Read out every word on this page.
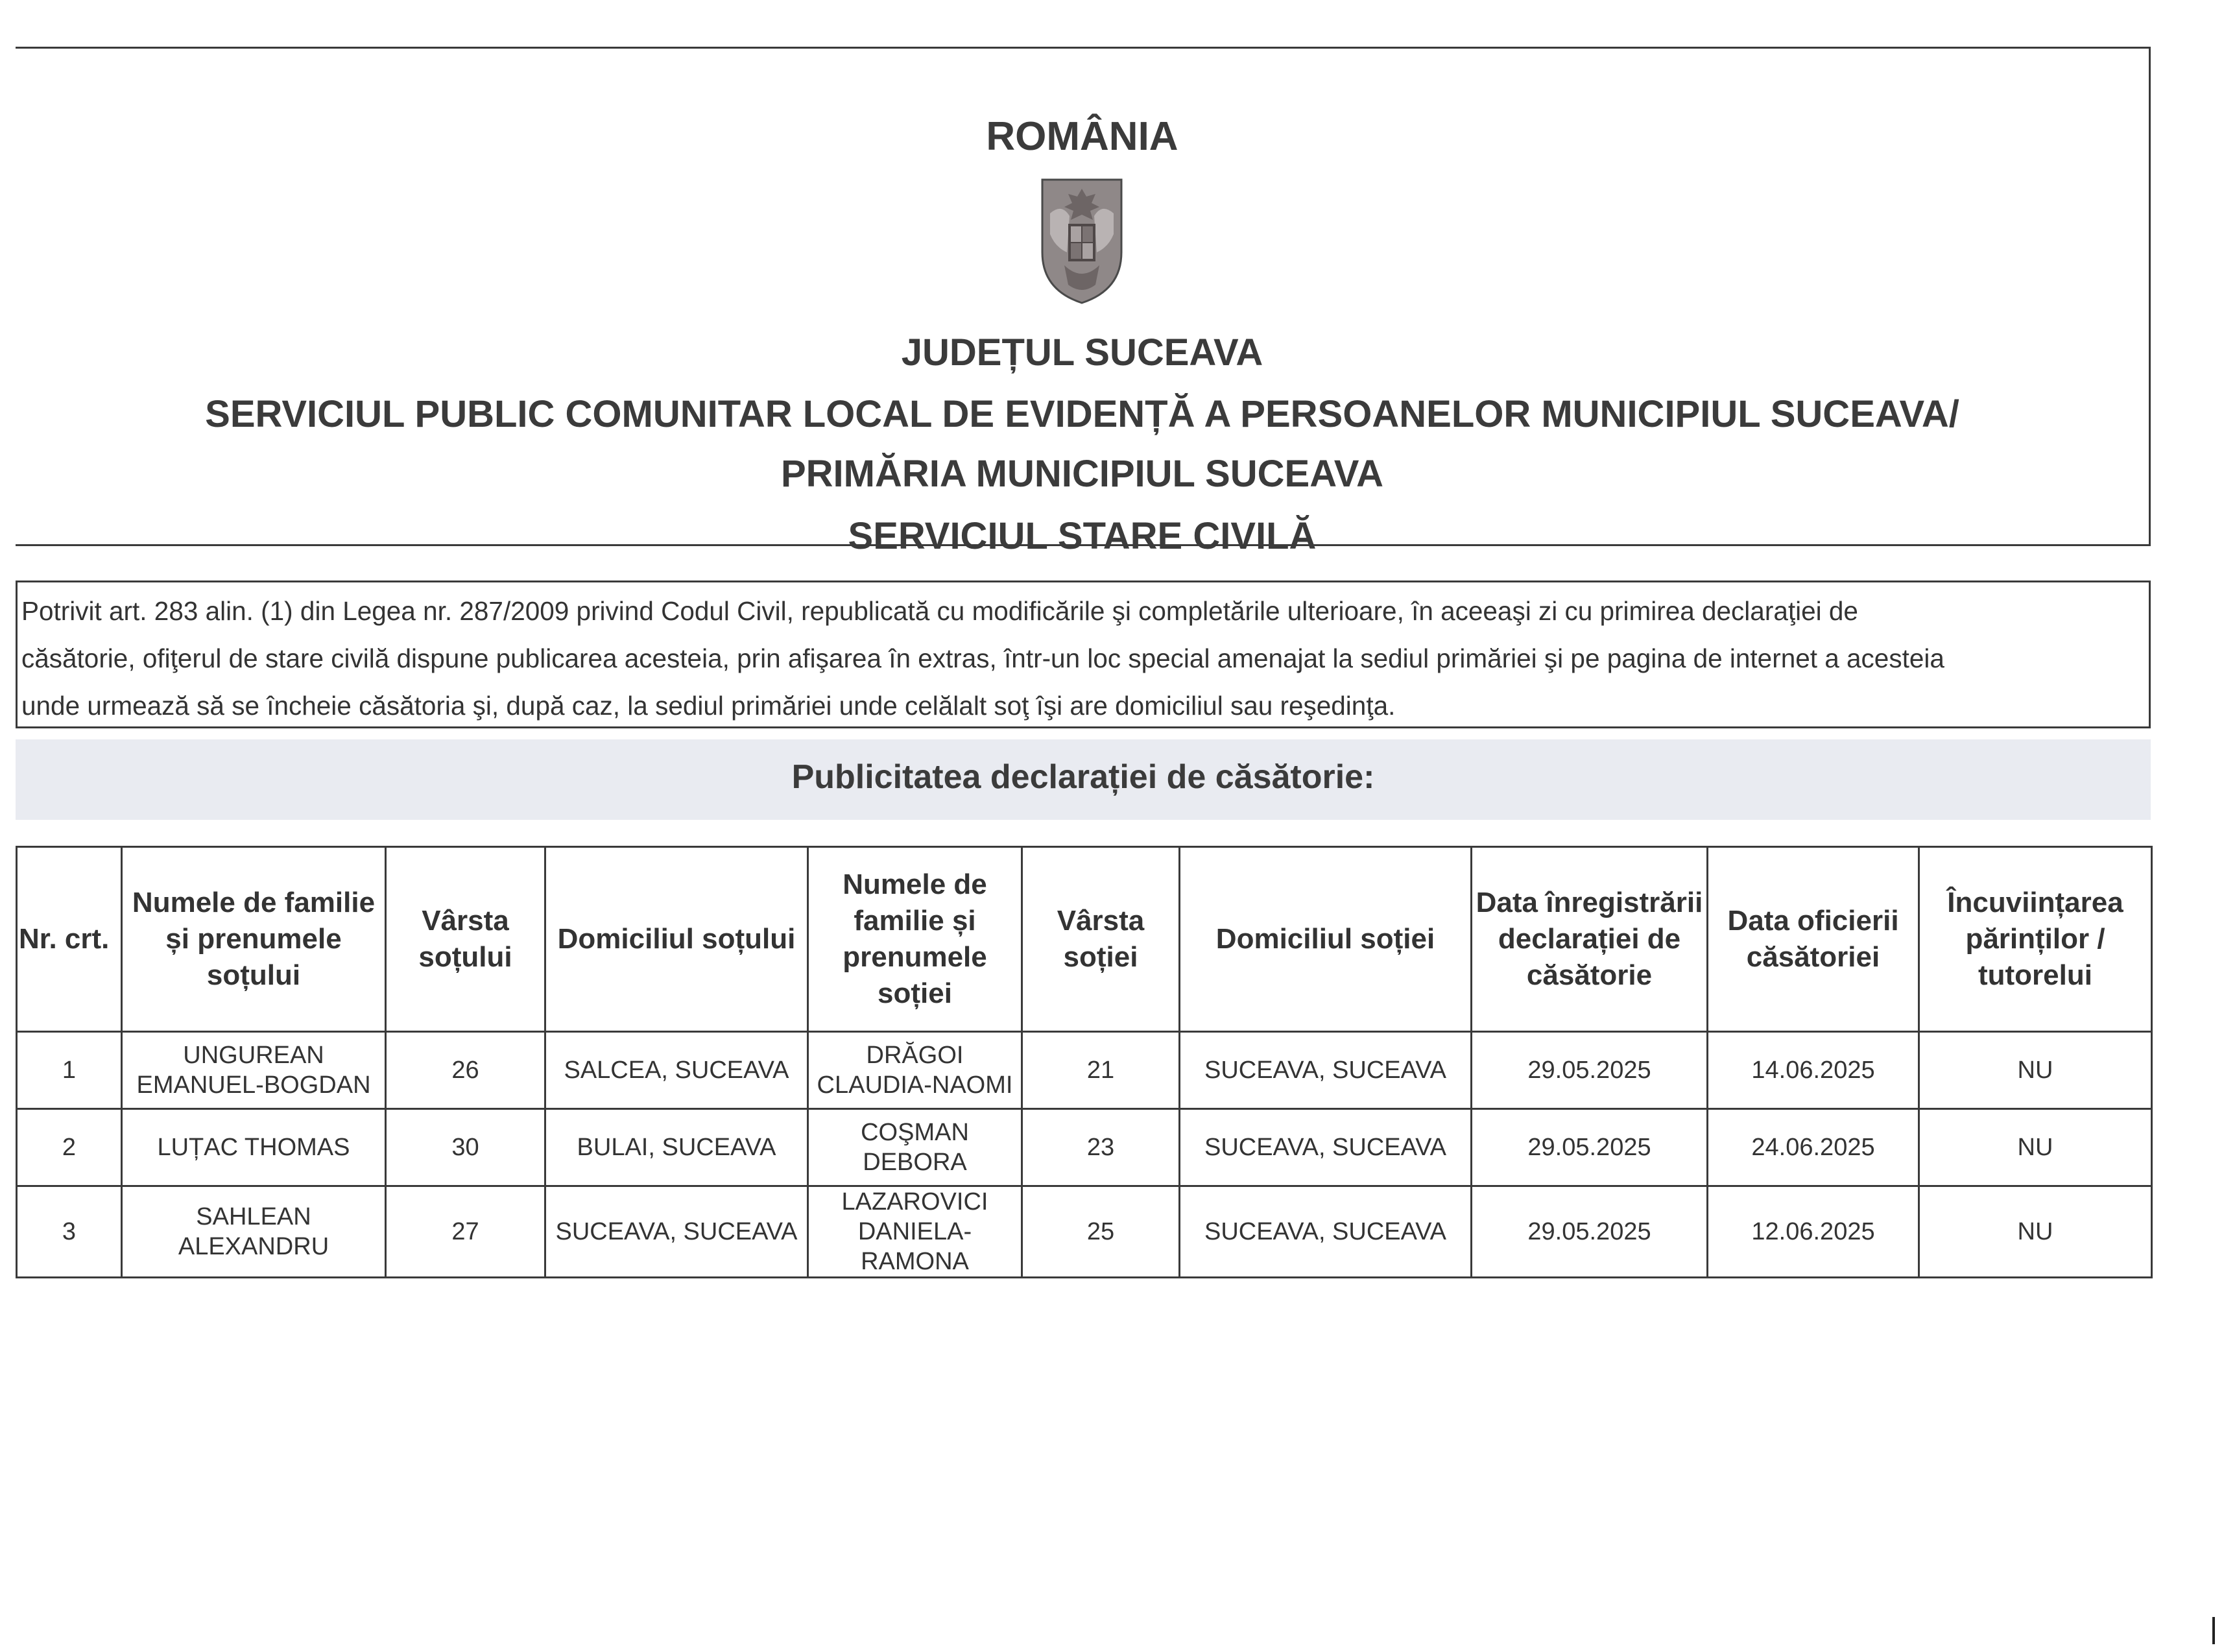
ROMÂNIA
JUDEȚUL SUCEAVA
SERVICIUL PUBLIC COMUNITAR LOCAL DE EVIDENȚĂ A PERSOANELOR MUNICIPIUL SUCEAVA/
PRIMĂRIA MUNICIPIUL SUCEAVA
SERVICIUL STARE CIVILĂ
Potrivit art. 283 alin. (1) din Legea nr. 287/2009 privind Codul Civil, republicată cu modificările şi completările ulterioare, în aceeaşi zi cu primirea declaraţiei de
căsătorie, ofiţerul de stare civilă dispune publicarea acesteia, prin afişarea în extras, într-un loc special amenajat la sediul primăriei şi pe pagina de internet a acesteia
unde urmează să se încheie căsătoria şi, după caz, la sediul primăriei unde celălalt soţ îşi are domiciliul sau reşedinţa.
Publicitatea declarației de căsătorie:
Nr. crt.	Numele de familie și prenumele soțului	Vârsta soțului	Domiciliul soțului	Numele de familie și prenumele soției	Vârsta soției	Domiciliul soției	Data înregistrării declarației de căsătorie	Data oficierii căsătoriei	Încuviințarea părinților / tutorelui
1	UNGUREAN EMANUEL-BOGDAN	26	SALCEA, SUCEAVA	DRĂGOI CLAUDIA-NAOMI	21	SUCEAVA, SUCEAVA	29.05.2025	14.06.2025	NU
2	LUȚAC THOMAS	30	BULAI, SUCEAVA	COŞMAN DEBORA	23	SUCEAVA, SUCEAVA	29.05.2025	24.06.2025	NU
3	SAHLEAN ALEXANDRU	27	SUCEAVA, SUCEAVA	LAZAROVICI DANIELA-RAMONA	25	SUCEAVA, SUCEAVA	29.05.2025	12.06.2025	NU
